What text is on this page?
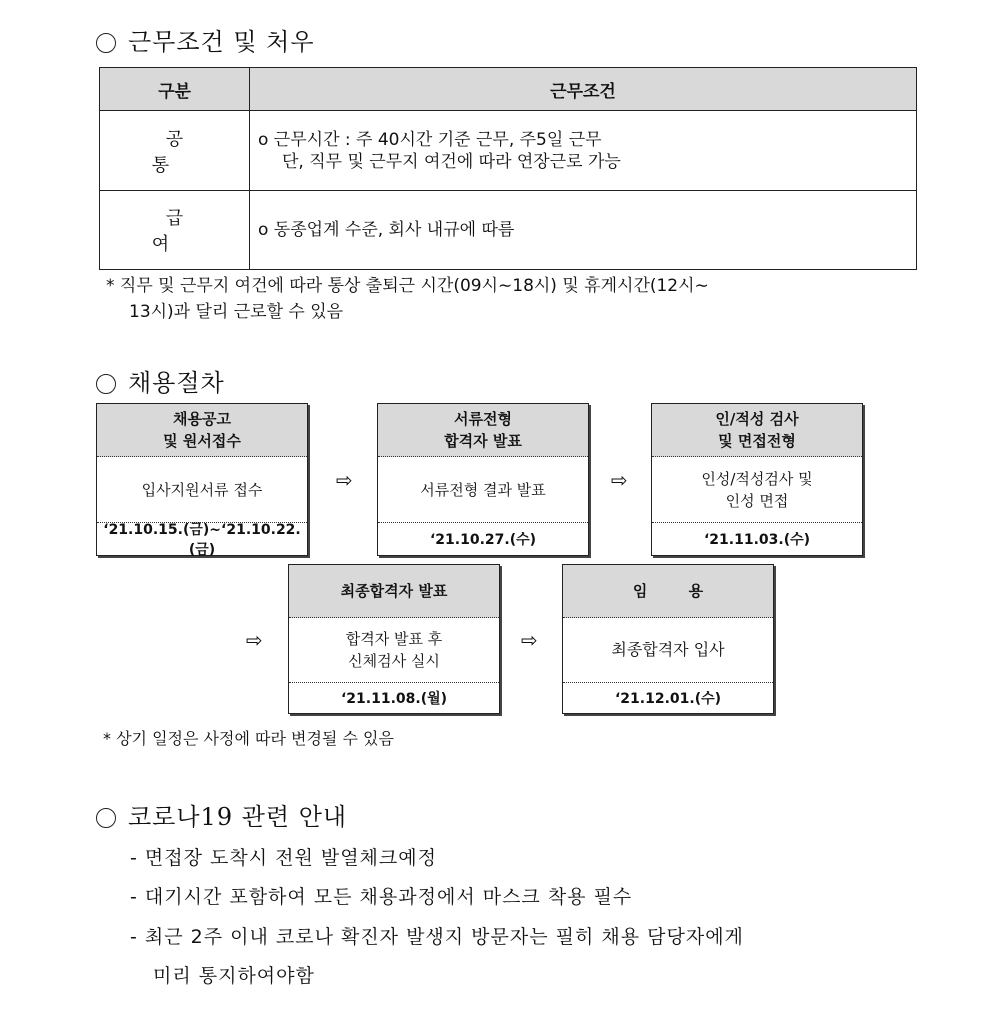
근무조건 및 처우
구분	근무조건
공 통	o 근무시간 : 주 40시간 기준 근무, 주5일 근무
단, 직무 및 근무지 여건에 따라 연장근로 가능

급 여	o 동종업계 수준, 회사 내규에 따름
* 직무 및 근무지 여건에 따라 통상 출퇴근 시간(09시∼18시) 및 휴게시간(12시∼
13시)과 달리 근로할 수 있음
채용절차
채용공고
및 원서접수
입사지원서류 접수
‘21.10.15.(금)~‘21.10.22.(금)
⇨
서류전형
합격자 발표
서류전형 결과 발표
‘21.10.27.(수)
⇨
인/적성 검사
및 면접전형
인성/적성검사 및
인성 면접
‘21.11.03.(수)
⇨
최종합격자 발표
합격자 발표 후
신체검사 실시
‘21.11.08.(월)
⇨
임 용
최종합격자 입사
‘21.12.01.(수)
* 상기 일정은 사정에 따라 변경될 수 있음
코로나19 관련 안내
- 면접장 도착시 전원 발열체크예정
- 대기시간 포함하여 모든 채용과정에서 마스크 착용 필수
- 최근 2주 이내 코로나 확진자 발생지 방문자는 필히 채용 담당자에게
미리 통지하여야함
